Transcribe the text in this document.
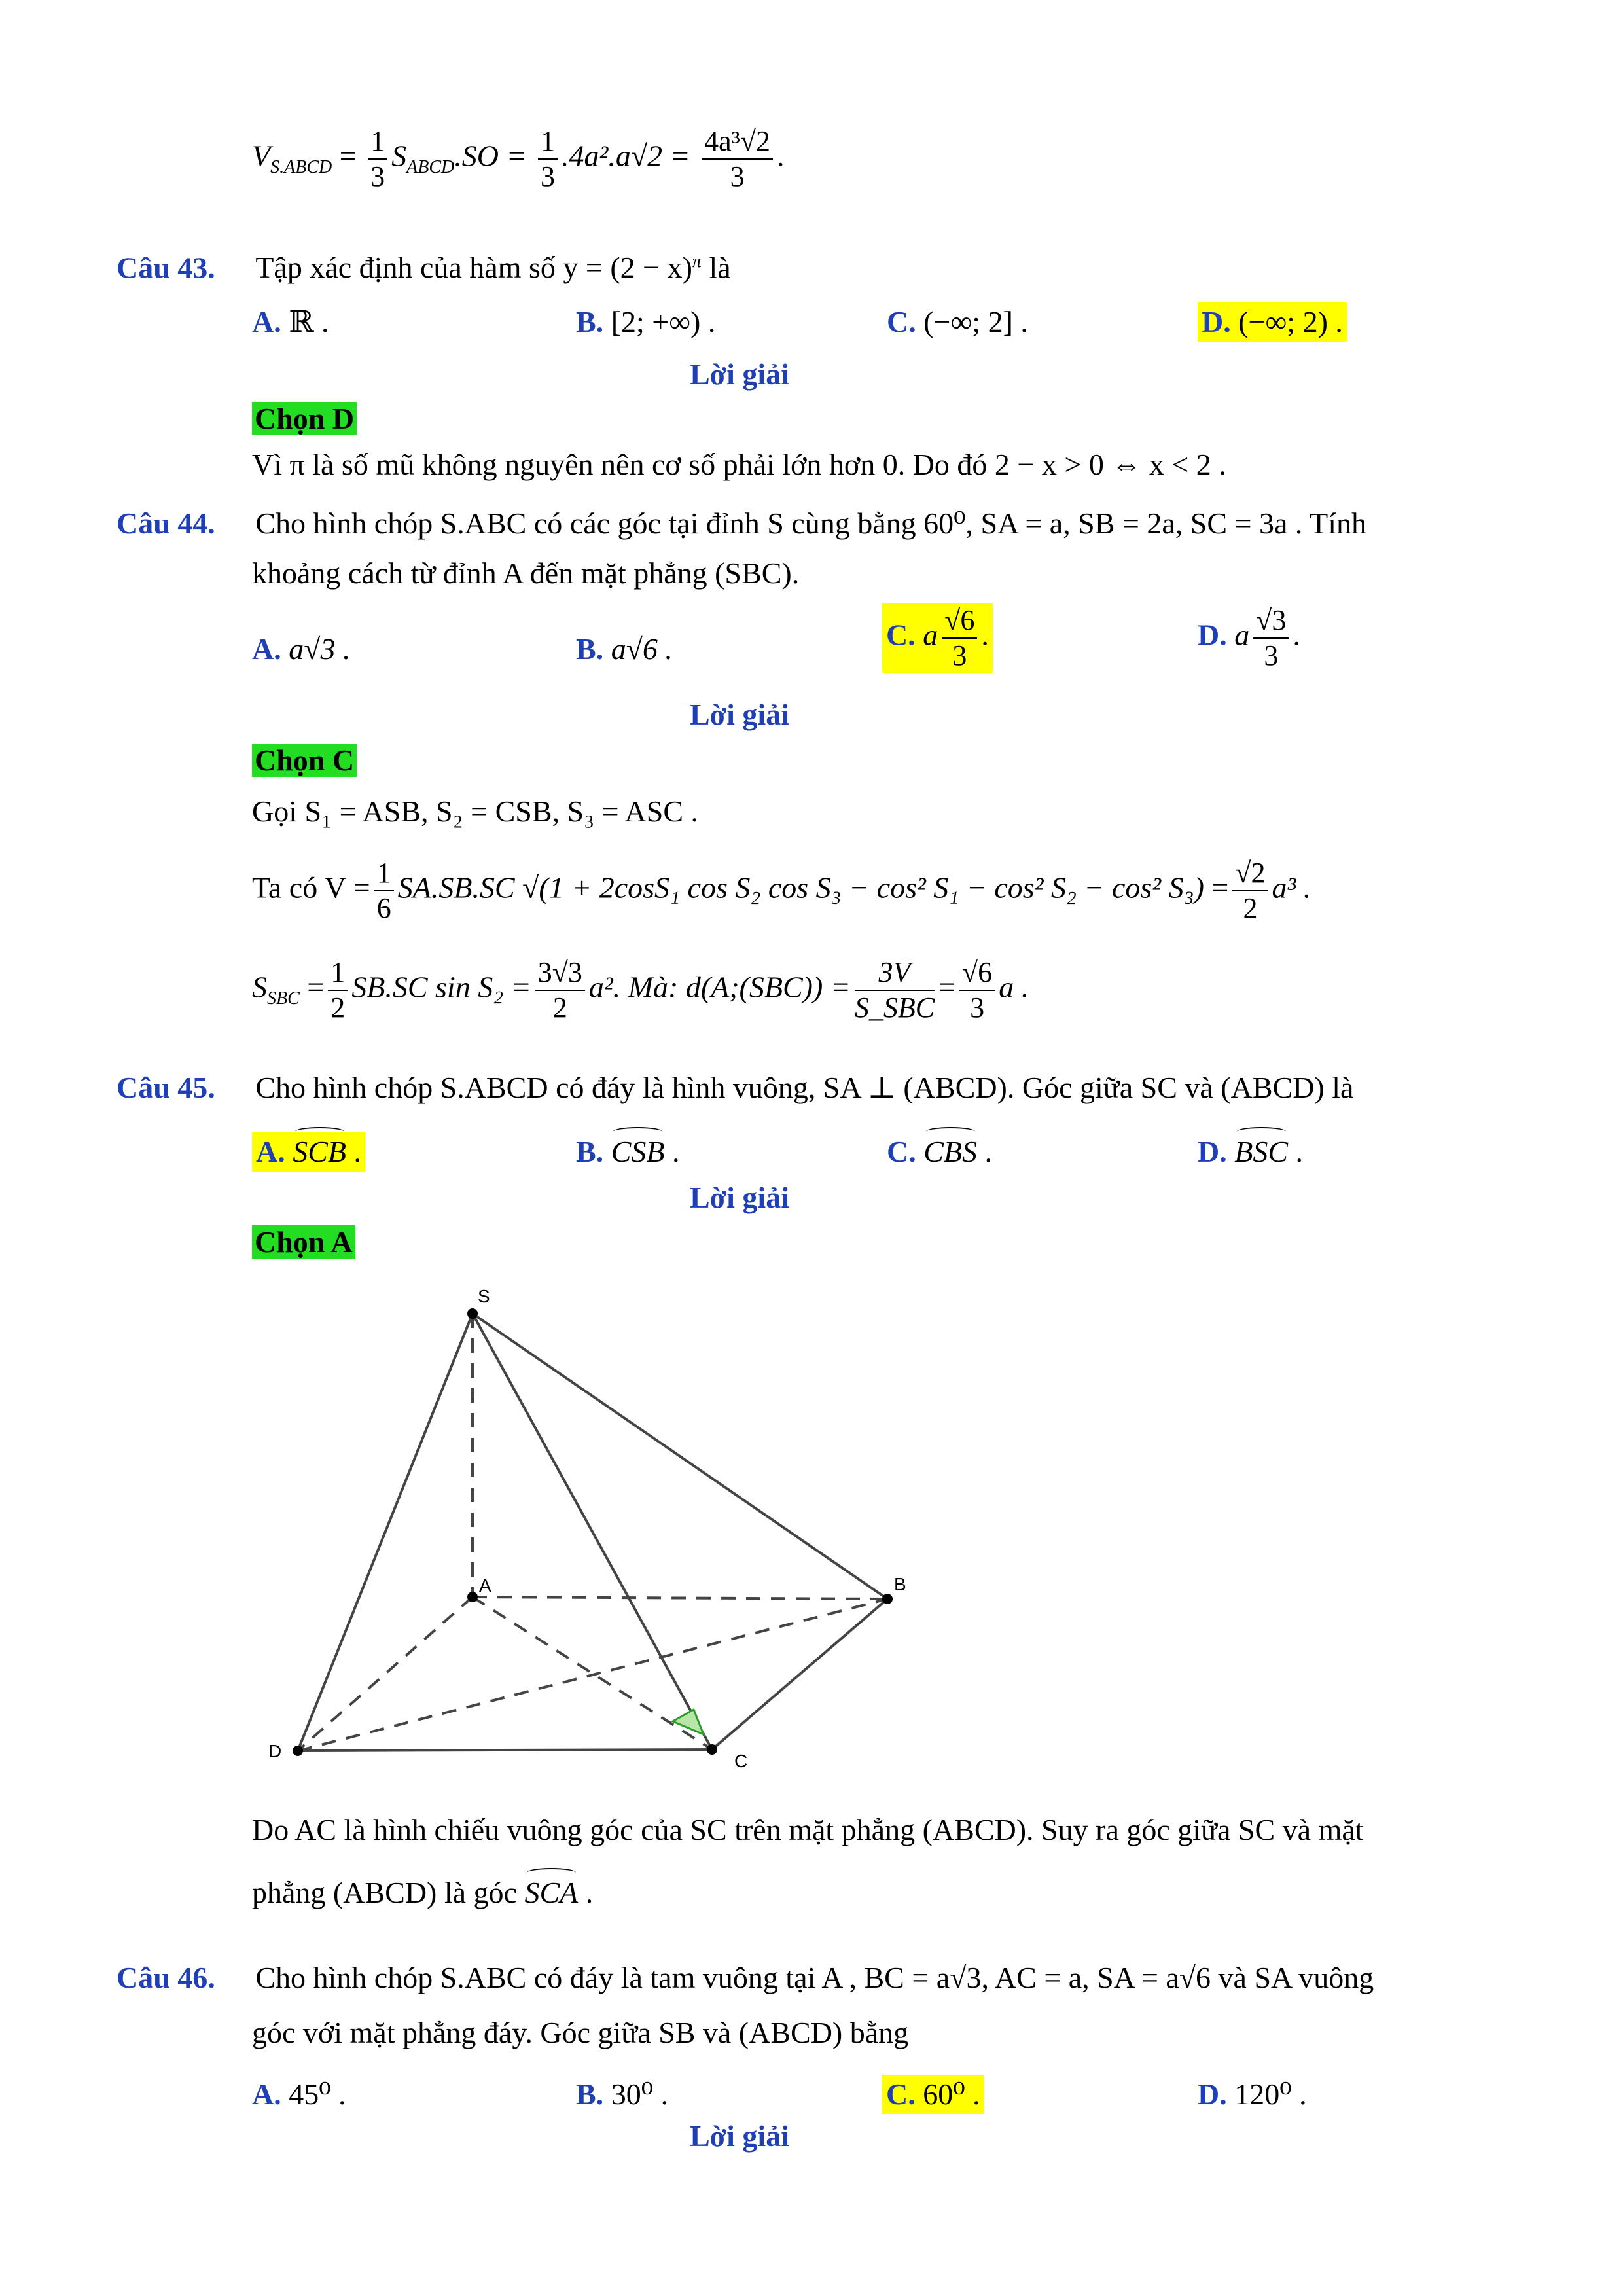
$V_{S.ABCD} = \frac{1}{3} S_{ABCD}.SO = \frac{1}{3} .4a^2.a√2 = \frac{\text{4a³√2}}{3}$ .
Câu 43. Tập xác định của hàm số $y = (2 - x)^\pi$ là
A. ℝ .	B. [2; +∞) .	C. (−∞; 2] .	D. (−∞; 2) .
Lời giải
Chọn D
Vì π là số mũ không nguyên nên cơ số phải lớn hơn 0. Do đó 2 − x > 0 ⇔ x < 2 .
Câu 44. Cho hình chóp S.ABC có các góc tại đỉnh S cùng bằng 60⁰, SA = a, SB = 2a, SC = 3a . Tính
khoảng cách từ đỉnh A đến mặt phẳng (SBC).
A. a√3 .	B. a√6 .	C. a $\frac{√6}{3}$ .	D. a $\frac{√3}{3}$ .
Lời giải
Chọn C
Gọi S₁ = ASB, S₂ = CSB, S₃ = ASC .
Ta có $V = \frac{1}{6} SA.SB.SC$ √(1 + 2cosS₁ cos S₂ cos S₃ − cos² S₁ − cos² S₂ − cos² $S_3) = \frac{√2}{2} a^3$ .
$S_{SBC} = \frac{1}{2} SB.SC$ $\sin S_2 = \frac{3√3}{2} a^2$. Mà: d(A;(SBC)) = $\frac{3V}{\text{S\_SBC}} = \frac{√6}{3}$ a .
Câu 45. Cho hình chóp S.ABCD có đáy là hình vuông, SA ⊥ (ABCD). Góc giữa SC và (ABCD) là
A. SCB .	B. CSB .	C. CBS .	D. BSC .
Lời giải
Chọn A
S
A	B
C
D
Do AC là hình chiếu vuông góc của SC trên mặt phẳng (ABCD). Suy ra góc giữa SC và mặt
phẳng (ABCD) là góc SCA .
Câu 46. Cho hình chóp S.ABC có đáy là tam vuông tại A , BC = a√3, AC = a, SA = a√6 và SA vuông
góc với mặt phẳng đáy. Góc giữa SB và (ABCD) bằng
A. 45⁰ .	B. 30⁰ .	C. 60⁰ .	D. 120⁰ .
Lời giải
